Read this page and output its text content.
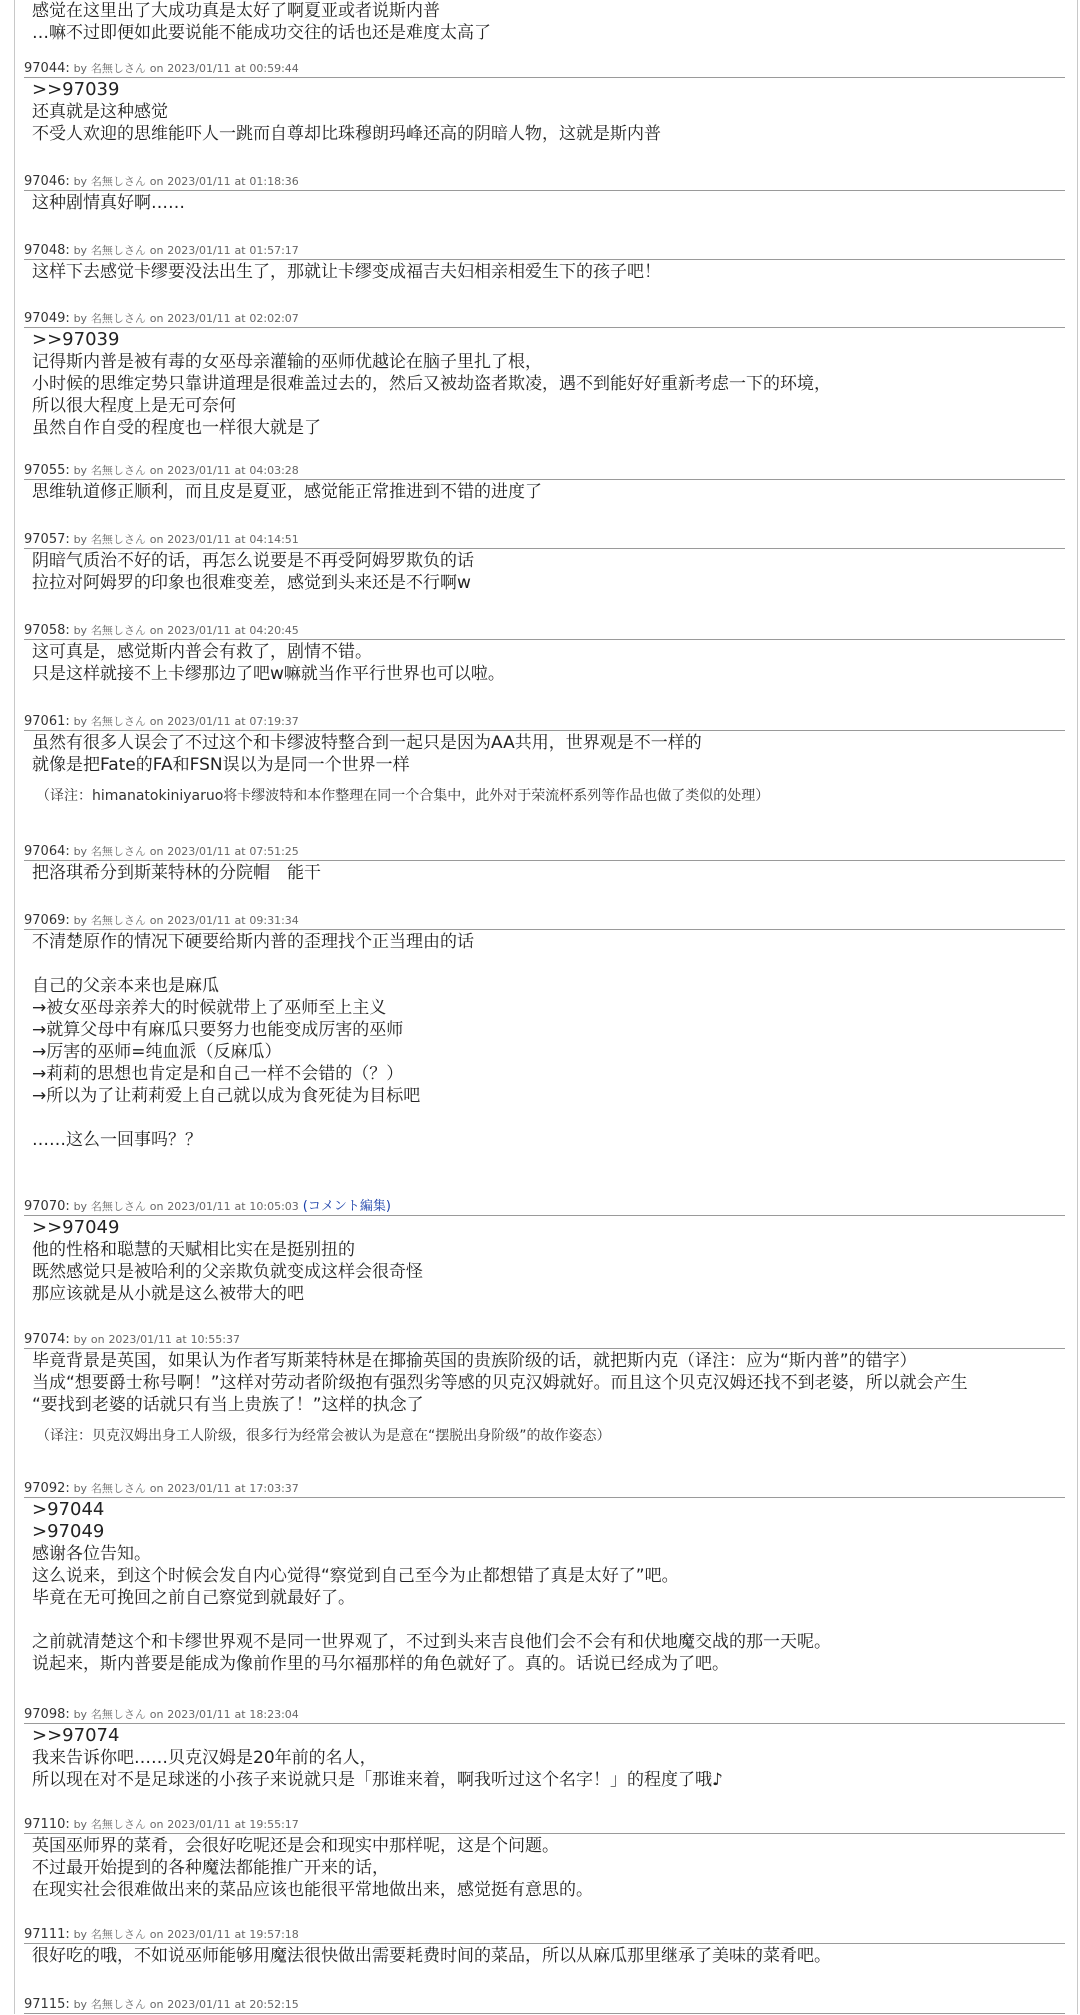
感觉在这里出了大成功真是太好了啊夏亚或者说斯内普
…嘛不过即便如此要说能不能成功交往的话也还是难度太高了
97044: by 名無しさん on 2023/01/11 at 00:59:44
>>97039
还真就是这种感觉
不受人欢迎的思维能吓人一跳而自尊却比珠穆朗玛峰还高的阴暗人物，这就是斯内普
97046: by 名無しさん on 2023/01/11 at 01:18:36
这种剧情真好啊……
97048: by 名無しさん on 2023/01/11 at 01:57:17
这样下去感觉卡缪要没法出生了，那就让卡缪变成福吉夫妇相亲相爱生下的孩子吧！
97049: by 名無しさん on 2023/01/11 at 02:02:07
>>97039
记得斯内普是被有毒的女巫母亲灌输的巫师优越论在脑子里扎了根，
小时候的思维定势只靠讲道理是很难盖过去的，然后又被劫盗者欺凌，遇不到能好好重新考虑一下的环境，
所以很大程度上是无可奈何
虽然自作自受的程度也一样很大就是了
97055: by 名無しさん on 2023/01/11 at 04:03:28
思维轨道修正顺利，而且皮是夏亚，感觉能正常推进到不错的进度了
97057: by 名無しさん on 2023/01/11 at 04:14:51
阴暗气质治不好的话，再怎么说要是不再受阿姆罗欺负的话
拉拉对阿姆罗的印象也很难变差，感觉到头来还是不行啊w
97058: by 名無しさん on 2023/01/11 at 04:20:45
这可真是，感觉斯内普会有救了，剧情不错。
只是这样就接不上卡缪那边了吧w嘛就当作平行世界也可以啦。
97061: by 名無しさん on 2023/01/11 at 07:19:37
虽然有很多人误会了不过这个和卡缪波特整合到一起只是因为AA共用，世界观是不一样的
就像是把Fate的FA和FSN误以为是同一个世界一样
（译注：himanatokiniyaruo将卡缪波特和本作整理在同一个合集中，此外对于荣流杯系列等作品也做了类似的处理）
97064: by 名無しさん on 2023/01/11 at 07:51:25
把洛琪希分到斯莱特林的分院帽　能干
97069: by 名無しさん on 2023/01/11 at 09:31:34
不清楚原作的情况下硬要给斯内普的歪理找个正当理由的话
自己的父亲本来也是麻瓜
→被女巫母亲养大的时候就带上了巫师至上主义
→就算父母中有麻瓜只要努力也能变成厉害的巫师
→厉害的巫师=纯血派（反麻瓜）
→莉莉的思想也肯定是和自己一样不会错的（？）
→所以为了让莉莉爱上自己就以成为食死徒为目标吧
……这么一回事吗？？
97070: by 名無しさん on 2023/01/11 at 10:05:03 (コメント編集)
>>97049
他的性格和聪慧的天赋相比实在是挺别扭的
既然感觉只是被哈利的父亲欺负就变成这样会很奇怪
那应该就是从小就是这么被带大的吧
97074: by on 2023/01/11 at 10:55:37
毕竟背景是英国，如果认为作者写斯莱特林是在揶揄英国的贵族阶级的话，就把斯内克（译注：应为“斯内普”的错字）
当成“想要爵士称号啊！”这样对劳动者阶级抱有强烈劣等感的贝克汉姆就好。而且这个贝克汉姆还找不到老婆，所以就会产生
“要找到老婆的话就只有当上贵族了！”这样的执念了
（译注：贝克汉姆出身工人阶级，很多行为经常会被认为是意在“摆脱出身阶级”的故作姿态）
97092: by 名無しさん on 2023/01/11 at 17:03:37
>97044
>97049
感谢各位告知。
这么说来，到这个时候会发自内心觉得“察觉到自己至今为止都想错了真是太好了”吧。
毕竟在无可挽回之前自己察觉到就最好了。
之前就清楚这个和卡缪世界观不是同一世界观了，不过到头来吉良他们会不会有和伏地魔交战的那一天呢。
说起来，斯内普要是能成为像前作里的马尔福那样的角色就好了。真的。话说已经成为了吧。
97098: by 名無しさん on 2023/01/11 at 18:23:04
>>97074
我来告诉你吧……贝克汉姆是20年前的名人，
所以现在对不是足球迷的小孩子来说就只是「那谁来着，啊我听过这个名字！」的程度了哦♪
97110: by 名無しさん on 2023/01/11 at 19:55:17
英国巫师界的菜肴，会很好吃呢还是会和现实中那样呢，这是个问题。
不过最开始提到的各种魔法都能推广开来的话，
在现实社会很难做出来的菜品应该也能很平常地做出来，感觉挺有意思的。
97111: by 名無しさん on 2023/01/11 at 19:57:18
很好吃的哦，不如说巫师能够用魔法很快做出需要耗费时间的菜品，所以从麻瓜那里继承了美味的菜肴吧。
97115: by 名無しさん on 2023/01/11 at 20:52:15
